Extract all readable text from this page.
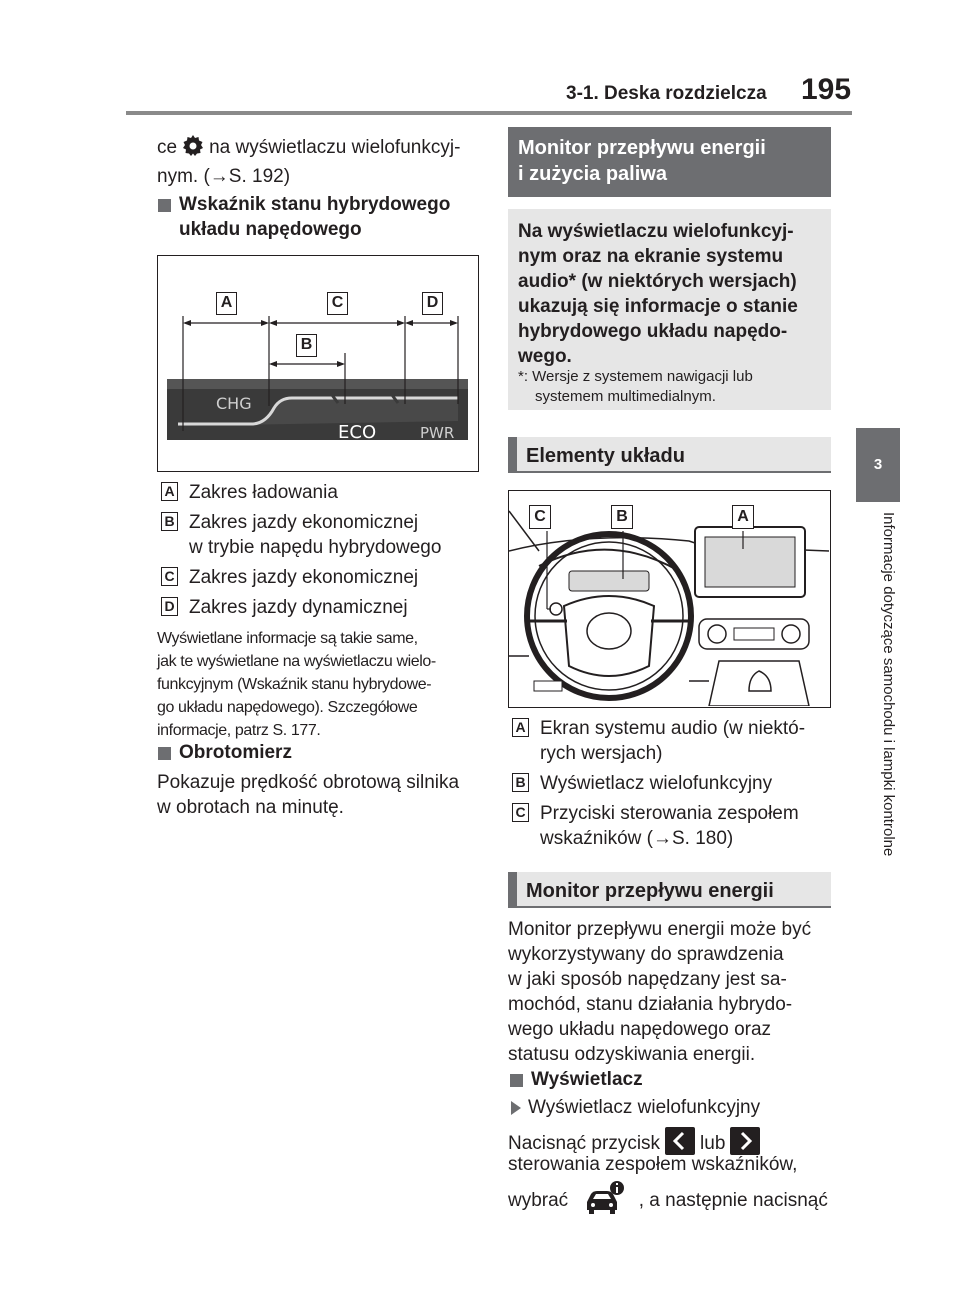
3-1. Deska rozdzielcza 195
3
Informacje dotyczące samochodu i lampki kontrolne
ce na wyświetlaczu wielofunkcyj-
nym. (→S. 192)
Wskaźnik stanu hybrydowego
układu napędowego
CHG
ECO	PWR
A
B
C	D
A Zakres ładowania
B Zakres jazdy ekonomicznej
w trybie napędu hybrydowego
C Zakres jazdy ekonomicznej
D Zakres jazdy dynamicznej
Wyświetlane informacje są takie same,
jak te wyświetlane na wyświetlaczu wielo-
funkcyjnym (Wskaźnik stanu hybrydowe-
go układu napędowego). Szczegółowe
informacje, patrz S. 177.
Obrotomierz
Pokazuje prędkość obrotową silnika
w obrotach na minutę.
Monitor przepływu energii
i zużycia paliwa
Na wyświetlaczu wielofunkcyj-
nym oraz na ekranie systemu
audio* (w niektórych wersjach)
ukazują się informacje o stanie
hybrydowego układu napędo-
wego.
*: Wersje z systemem nawigacji lub
systemem multimedialnym.
Elementy układu
C	B	A
A Ekran systemu audio (w niektó-
rych wersjach)
B Wyświetlacz wielofunkcyjny
C Przyciski sterowania zespołem
wskaźników (→S. 180)
Monitor przepływu energii
Monitor przepływu energii może być
wykorzystywany do sprawdzenia
w jaki sposób napędzany jest sa-
mochód, stanu działania hybrydo-
wego układu napędowego oraz
statusu odzyskiwania energii.
Wyświetlacz
Wyświetlacz wielofunkcyjny
Nacisnąć przycisk lub
sterowania zespołem wskaźników,
wybrać	, a następnie nacisnąć
